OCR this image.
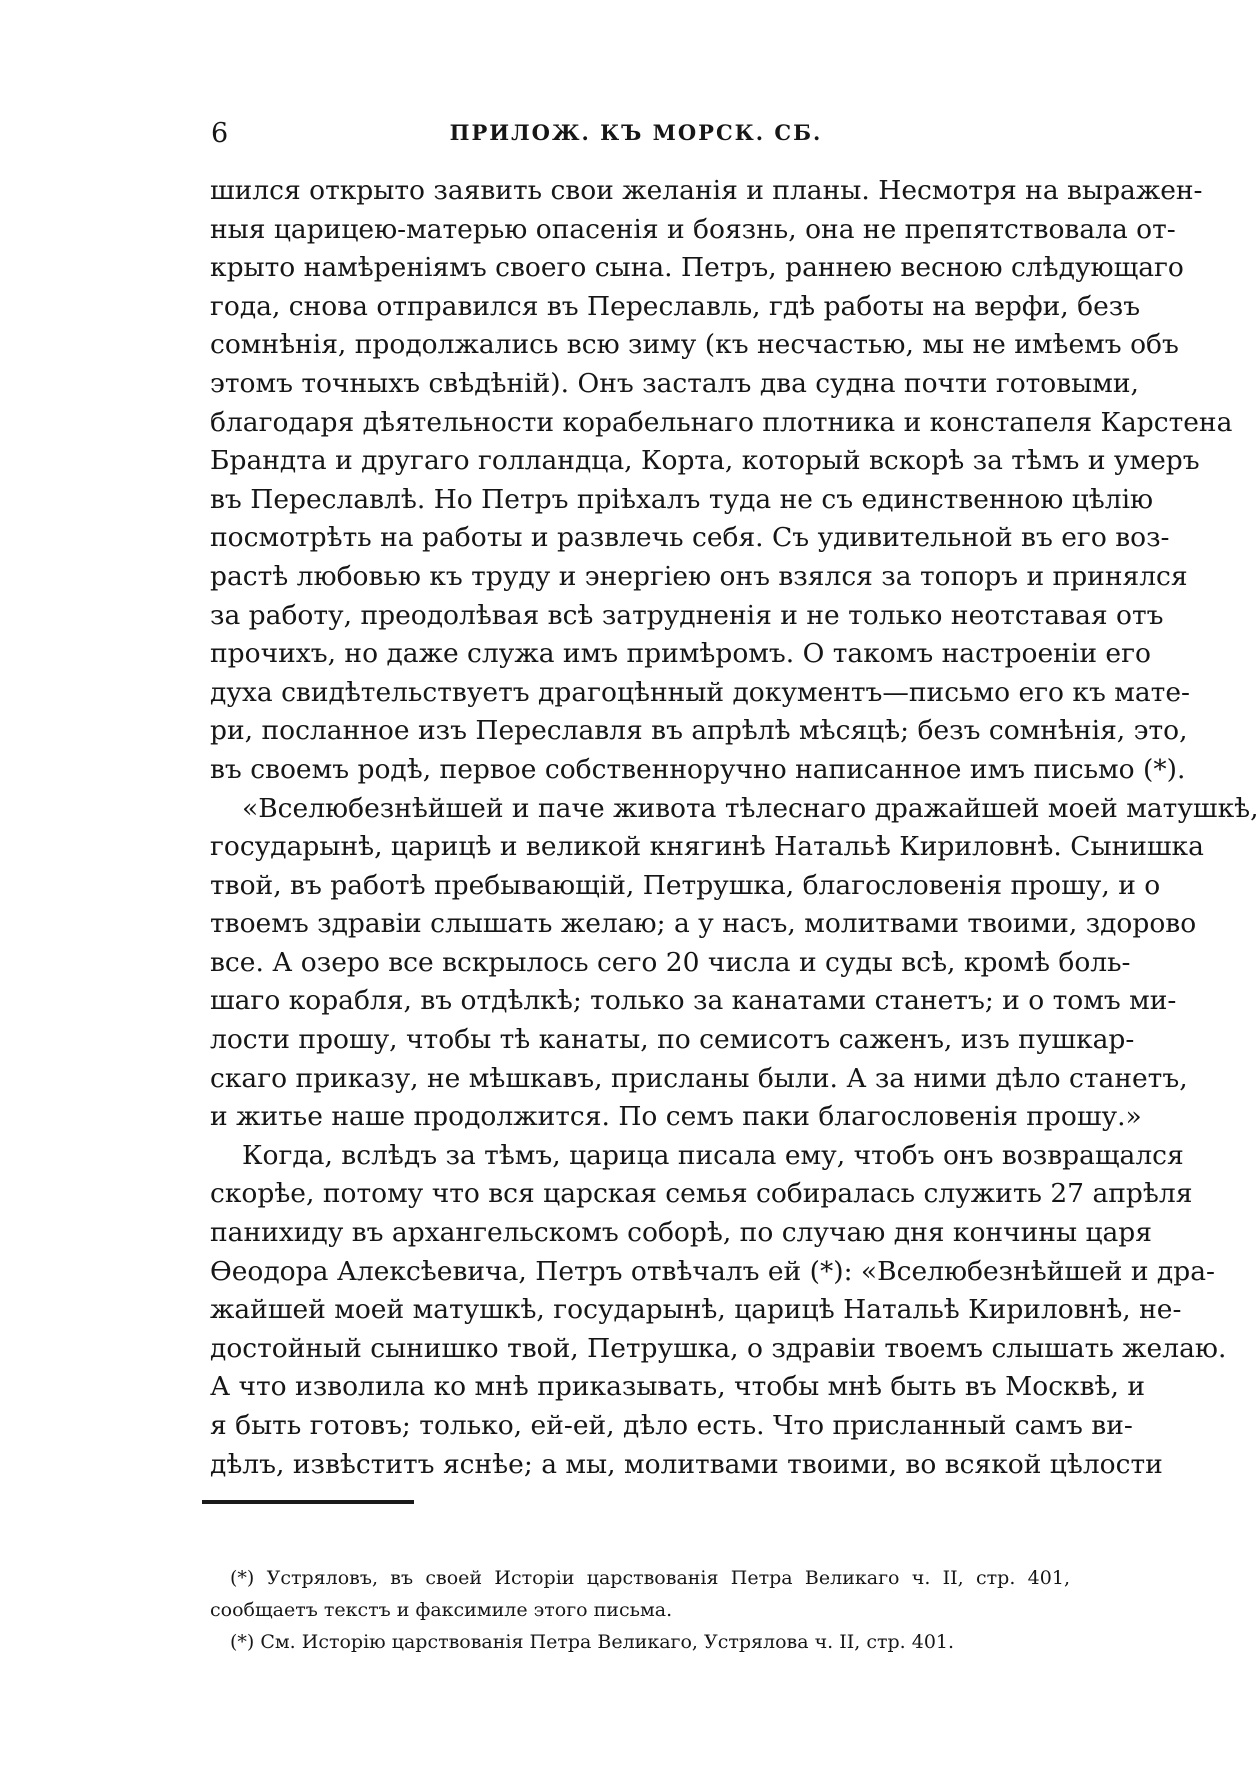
6	ПРИЛОЖ. КЪ МОРСК. СБ.

шился открыто заявить свои желанія и планы. Несмотря на выражен-
ныя царицею-матерью опасенія и боязнь, она не препятствовала от-
крыто намѣреніямъ своего сына. Петръ, раннею весною слѣдующаго
года, снова отправился въ Переславль, гдѣ работы на верфи, безъ
сомнѣнія, продолжались всю зиму (къ несчастью, мы не имѣемъ объ
этомъ точныхъ свѣдѣній). Онъ засталъ два судна почти готовыми,
благодаря дѣятельности корабельнаго плотника и констапеля Карстена
Брандта и другаго голландца, Корта, который вскорѣ за тѣмъ и умеръ
въ Переславлѣ. Но Петръ пріѣхалъ туда не съ единственною цѣлію
посмотрѣть на работы и развлечь себя. Съ удивительной въ его воз-
растѣ любовью къ труду и энергіею онъ взялся за топоръ и принялся
за работу, преодолѣвая всѣ затрудненія и не только неотставая отъ
прочихъ, но даже служа имъ примѣромъ. О такомъ настроеніи его
духа свидѣтельствуетъ драгоцѣнный документъ—письмо его къ мате-
ри, посланное изъ Переславля въ апрѣлѣ мѣсяцѣ; безъ сомнѣнія, это,
въ своемъ родѣ, первое собственноручно написанное имъ письмо (*).

«Вселюбезнѣйшей и паче живота тѣлеснаго дражайшей моей матушкѣ,
государынѣ, царицѣ и великой княгинѣ Натальѣ Кириловнѣ. Сынишка
твой, въ работѣ пребывающій, Петрушка, благословенія прошу, и о
твоемъ здравіи слышать желаю; а у насъ, молитвами твоими, здорово
все. А озеро все вскрылось сего 20 числа и суды всѣ, кромѣ боль-
шаго корабля, въ отдѣлкѣ; только за канатами станетъ; и о томъ ми-
лости прошу, чтобы тѣ канаты, по семисотъ саженъ, изъ пушкар-
скаго приказу, не мѣшкавъ, присланы были. А за ними дѣло станетъ,
и житье наше продолжится. По семъ паки благословенія прошу.»

Когда, вслѣдъ за тѣмъ, царица писала ему, чтобъ онъ возвращался
скорѣе, потому что вся царская семья собиралась служить 27 апрѣля
панихиду въ архангельскомъ соборѣ, по случаю дня кончины царя
Ѳеодора Алексѣевича, Петръ отвѣчалъ ей (*): «Вселюбезнѣйшей и дра-
жайшей моей матушкѣ, государынѣ, царицѣ Натальѣ Кириловнѣ, не-
достойный сынишко твой, Петрушка, о здравіи твоемъ слышать желаю.
А что изволила ко мнѣ приказывать, чтобы мнѣ быть въ Москвѣ, и
я быть готовъ; только, ей-ей, дѣло есть. Что присланный самъ ви-
дѣлъ, извѣститъ яснѣе; а мы, молитвами твоими, во всякой цѣлости

(*) Устряловъ, въ своей Исторіи царствованія Петра Великаго ч. II, стр. 401,
сообщаетъ текстъ и факсимиле этого письма.
(*) См. Исторію царствованія Петра Великаго, Устрялова ч. II, стр. 401.
